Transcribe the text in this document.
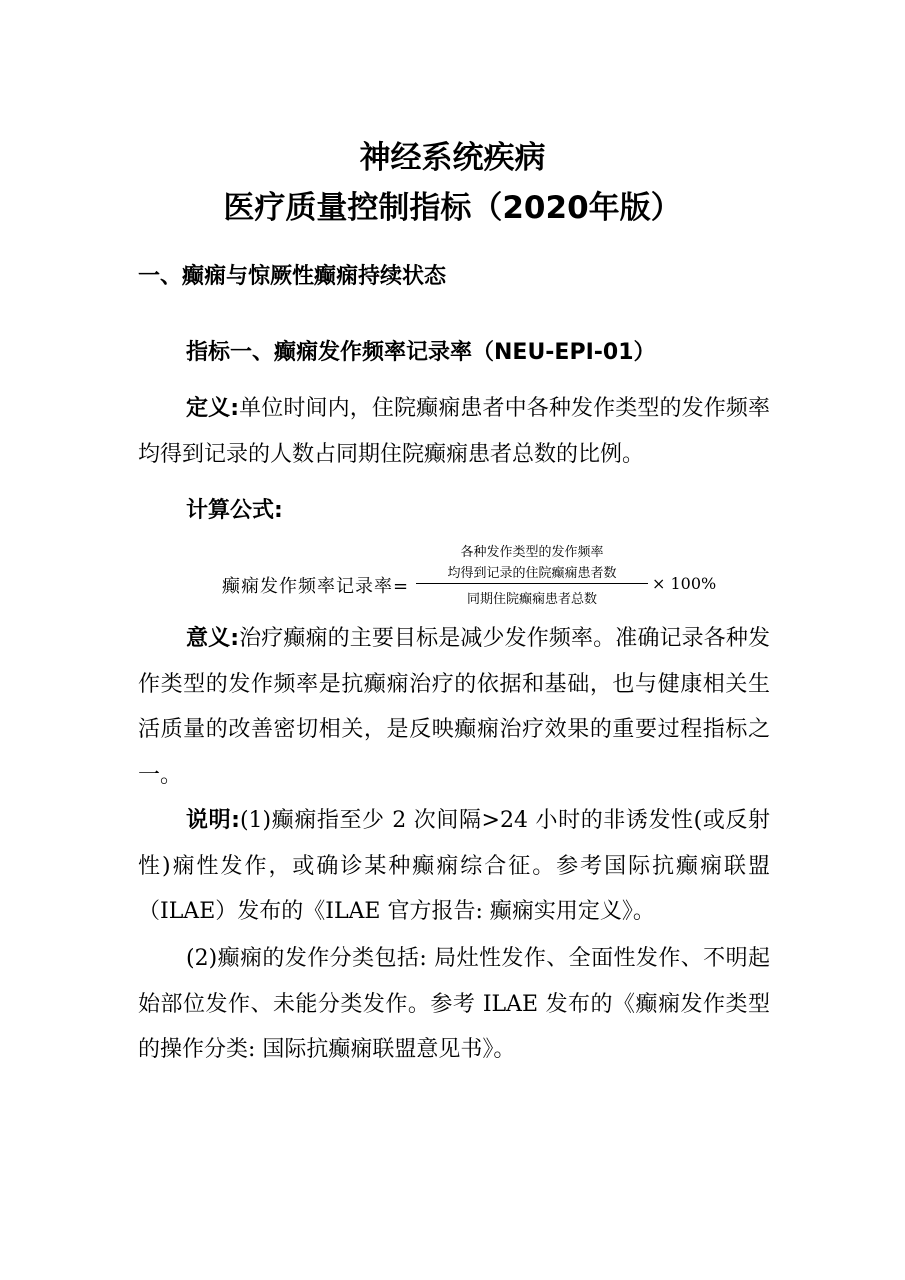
神经系统疾病
医疗质量控制指标（2020年版）
一、癫痫与惊厥性癫痫持续状态
指标一、癫痫发作频率记录率（NEU-EPI-01）

定义:单位时间内，住院癫痫患者中各种发作类型的发作频率均得到记录的人数占同期住院癫痫患者总数的比例。

计算公式:

癫痫发作频率记录率=
各种发作类型的发作频率
均得到记录的住院癫痫患者数
同期住院癫痫患者总数
× 100%

意义:治疗癫痫的主要目标是减少发作频率。准确记录各种发作类型的发作频率是抗癫痫治疗的依据和基础，也与健康相关生活质量的改善密切相关，是反映癫痫治疗效果的重要过程指标之一。

说明:(1)癫痫指至少 2 次间隔>24 小时的非诱发性(或反射性)痫性发作，或确诊某种癫痫综合征。参考国际抗癫痫联盟（ILAE）发布的《ILAE 官方报告: 癫痫实用定义》。

(2)癫痫的发作分类包括: 局灶性发作、全面性发作、不明起始部位发作、未能分类发作。参考 ILAE 发布的《癫痫发作类型的操作分类: 国际抗癫痫联盟意见书》。
